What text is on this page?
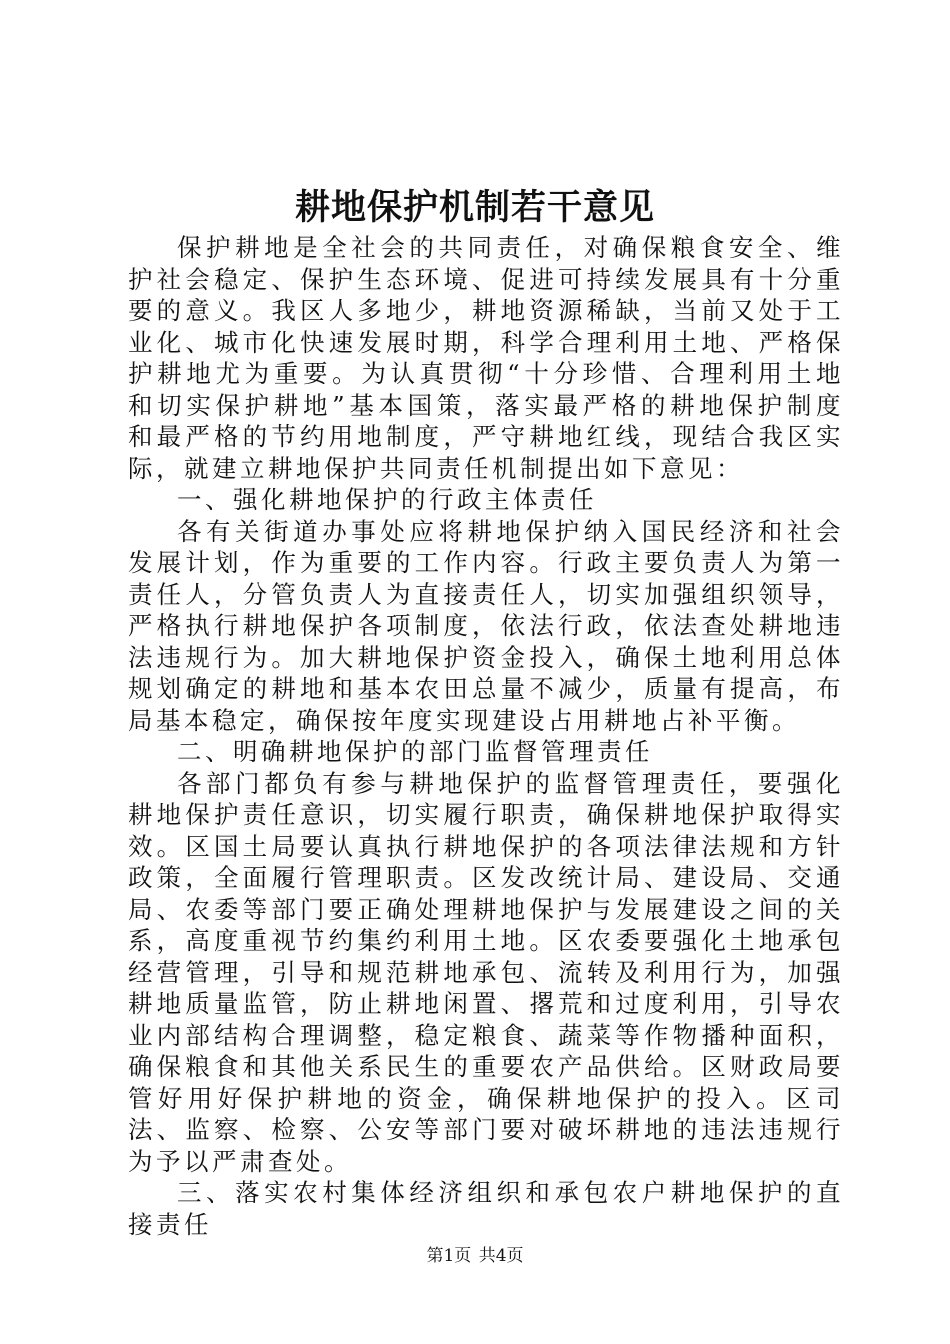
耕地保护机制若干意见

保护耕地是全社会的共同责任，对确保粮食安全、维护社会稳定、保护生态环境、促进可持续发展具有十分重要的意义。我区人多地少，耕地资源稀缺，当前又处于工业化、城市化快速发展时期，科学合理利用土地、严格保护耕地尤为重要。为认真贯彻“十分珍惜、合理利用土地和切实保护耕地”基本国策，落实最严格的耕地保护制度和最严格的节约用地制度，严守耕地红线，现结合我区实际，就建立耕地保护共同责任机制提出如下意见：

一、强化耕地保护的行政主体责任

各有关街道办事处应将耕地保护纳入国民经济和社会发展计划，作为重要的工作内容。行政主要负责人为第一责任人，分管负责人为直接责任人，切实加强组织领导，严格执行耕地保护各项制度，依法行政，依法查处耕地违法违规行为。加大耕地保护资金投入，确保土地利用总体规划确定的耕地和基本农田总量不减少，质量有提高，布局基本稳定，确保按年度实现建设占用耕地占补平衡。

二、明确耕地保护的部门监督管理责任

各部门都负有参与耕地保护的监督管理责任，要强化耕地保护责任意识，切实履行职责，确保耕地保护取得实效。区国土局要认真执行耕地保护的各项法律法规和方针政策，全面履行管理职责。区发改统计局、建设局、交通局、农委等部门要正确处理耕地保护与发展建设之间的关系，高度重视节约集约利用土地。区农委要强化土地承包经营管理，引导和规范耕地承包、流转及利用行为，加强耕地质量监管，防止耕地闲置、撂荒和过度利用，引导农业内部结构合理调整，稳定粮食、蔬菜等作物播种面积，确保粮食和其他关系民生的重要农产品供给。区财政局要管好用好保护耕地的资金，确保耕地保护的投入。区司法、监察、检察、公安等部门要对破坏耕地的违法违规行为予以严肃查处。

三、落实农村集体经济组织和承包农户耕地保护的直接责任

第1页 共4页
